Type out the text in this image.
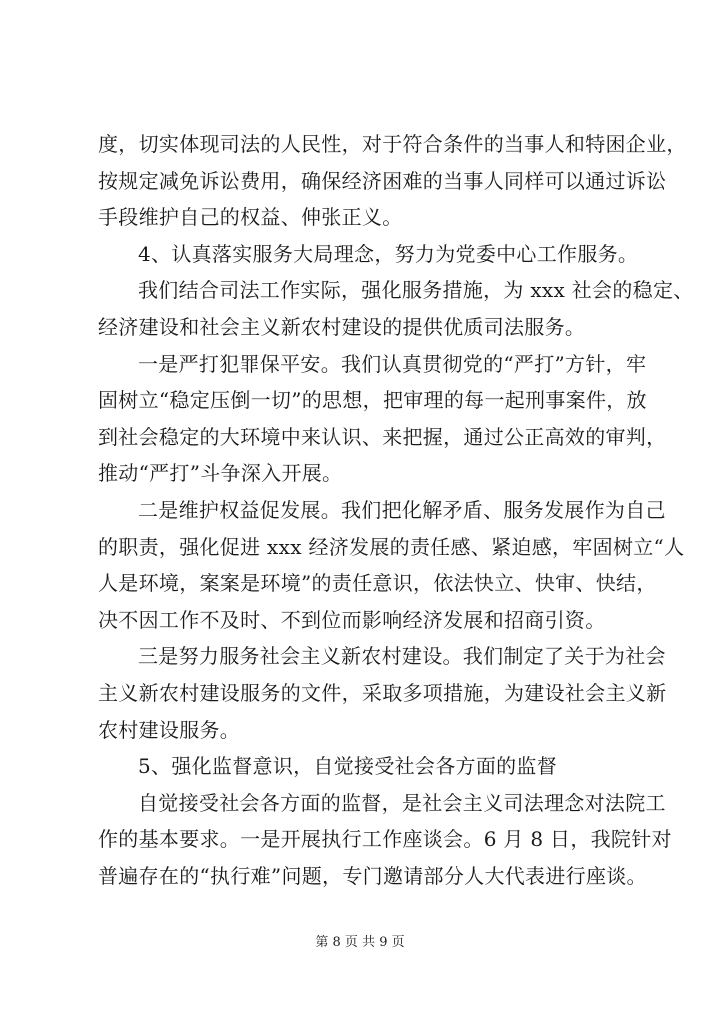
度，切实体现司法的人民性，对于符合条件的当事人和特困企业，
按规定减免诉讼费用，确保经济困难的当事人同样可以通过诉讼
手段维护自己的权益、伸张正义。
4、认真落实服务大局理念，努力为党委中心工作服务。
我们结合司法工作实际，强化服务措施，为 xxx 社会的稳定、
经济建设和社会主义新农村建设的提供优质司法服务。
一是严打犯罪保平安。我们认真贯彻党的“严打”方针，牢
固树立“稳定压倒一切”的思想，把审理的每一起刑事案件，放
到社会稳定的大环境中来认识、来把握，通过公正高效的审判，
推动“严打”斗争深入开展。
二是维护权益促发展。我们把化解矛盾、服务发展作为自己
的职责，强化促进 xxx 经济发展的责任感、紧迫感，牢固树立“人
人是环境，案案是环境”的责任意识，依法快立、快审、快结，
决不因工作不及时、不到位而影响经济发展和招商引资。
三是努力服务社会主义新农村建设。我们制定了关于为社会
主义新农村建设服务的文件，采取多项措施，为建设社会主义新
农村建设服务。
5、强化监督意识，自觉接受社会各方面的监督
自觉接受社会各方面的监督，是社会主义司法理念对法院工
作的基本要求。一是开展执行工作座谈会。6 月 8 日，我院针对
普遍存在的“执行难”问题，专门邀请部分人大代表进行座谈。
第 8 页 共 9 页
